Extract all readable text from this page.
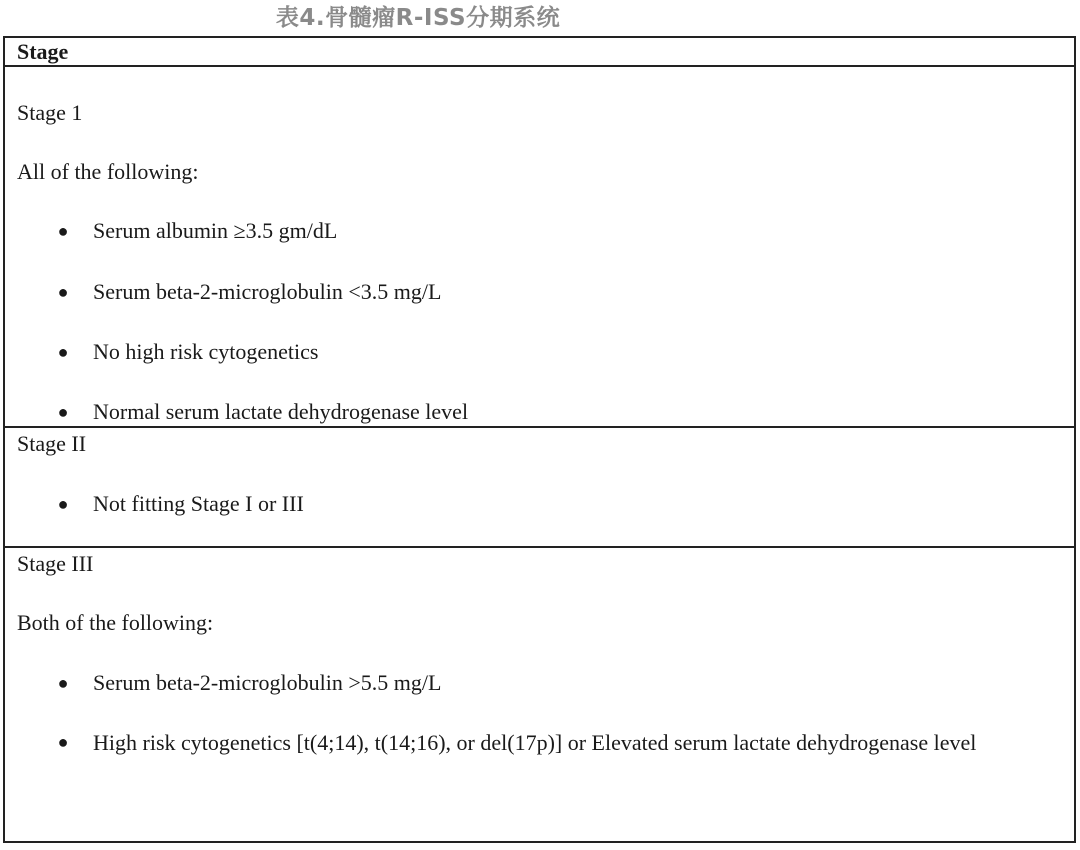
表4.骨髓瘤R-ISS分期系统
Stage
Stage 1
All of the following:
● Serum albumin ≥3.5 gm/dL
● Serum beta-2-microglobulin <3.5 mg/L
● No high risk cytogenetics
● Normal serum lactate dehydrogenase level
Stage II
● Not fitting Stage I or III
Stage III
Both of the following:
● Serum beta-2-microglobulin >5.5 mg/L
● High risk cytogenetics [t(4;14), t(14;16), or del(17p)] or Elevated serum lactate dehydrogenase level
